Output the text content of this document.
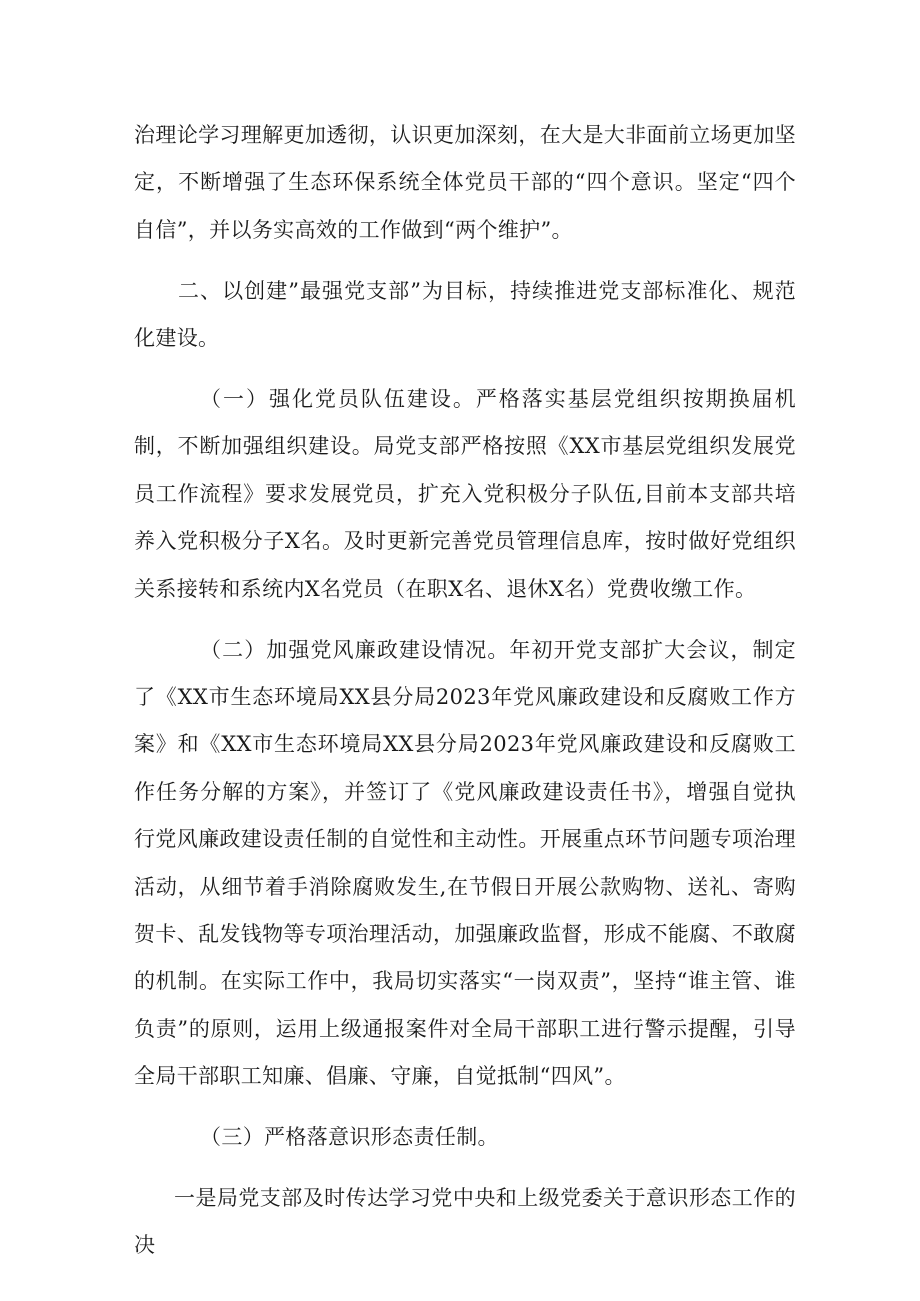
治理论学习理解更加透彻，认识更加深刻，在大是大非面前立场更加坚定，不断增强了生态环保系统全体党员干部的“四个意识。坚定“四个自信”，并以务实高效的工作做到“两个维护”。

二、以创建”最强党支部”为目标，持续推进党支部标准化、规范化建设。

（一）强化党员队伍建设。严格落实基层党组织按期换届机制，不断加强组织建设。局党支部严格按照《XX市基层党组织发展党员工作流程》要求发展党员，扩充入党积极分子队伍,目前本支部共培养入党积极分子X名。及时更新完善党员管理信息库，按时做好党组织关系接转和系统内X名党员（在职X名、退休X名）党费收缴工作。

（二）加强党风廉政建设情况。年初开党支部扩大会议，制定了《XX市生态环境局XX县分局2023年党风廉政建设和反腐败工作方案》和《XX市生态环境局XX县分局2023年党风廉政建设和反腐败工作任务分解的方案》，并签订了《党风廉政建设责任书》，增强自觉执行党风廉政建设责任制的自觉性和主动性。开展重点环节问题专项治理活动，从细节着手消除腐败发生,在节假日开展公款购物、送礼、寄购贺卡、乱发钱物等专项治理活动，加强廉政监督，形成不能腐、不敢腐的机制。在实际工作中，我局切实落实“一岗双责”，坚持“谁主管、谁负责”的原则，运用上级通报案件对全局干部职工进行警示提醒，引导全局干部职工知廉、倡廉、守廉，自觉抵制“四风”。

（三）严格落意识形态责任制。

一是局党支部及时传达学习党中央和上级党委关于意识形态工作的决
